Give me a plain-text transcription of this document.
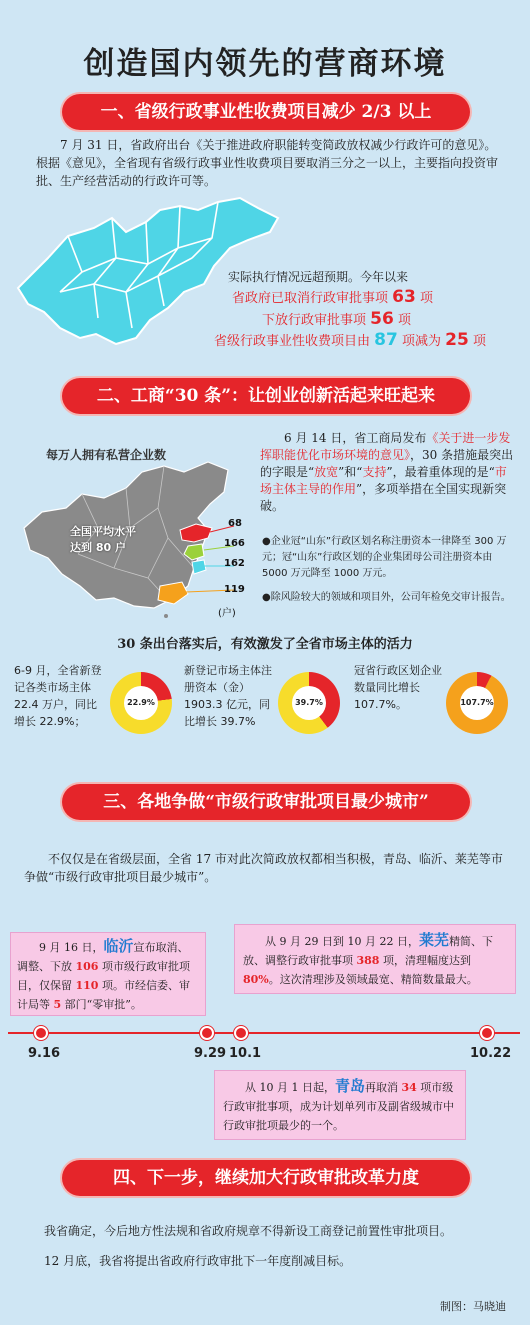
创造国内领先的营商环境
一、省级行政事业性收费项目减少 2/3 以上
7 月 31 日，省政府出台《关于推进政府职能转变简政放权减少行政许可的意见》。根据《意见》，全省现有省级行政事业性收费项目要取消三分之一以上，主要指向投资审批、生产经营活动的行政许可等。
实际执行情况远超预期。今年以来
省政府已取消行政审批事项 63 项
下放行政审批事项 56 项
省级行政事业性收费项目由 87 项减为 25 项
二、工商“30 条”：让创业创新活起来旺起来
每万人拥有私营企业数
全国平均水平达到 80 户
68
166
162
119
(户)
6 月 14 日，省工商局发布《关于进一步发挥职能优化市场环境的意见》，30 条措施最突出的字眼是“放宽”和“支持”，最着重体现的是“市场主体主导的作用”，多项举措在全国实现新突破。
●企业冠“山东”行政区划名称注册资本一律降至 300 万元；冠“山东”行政区划的企业集团母公司注册资本由 5000 万元降至 1000 万元。
●除风险较大的领域和项目外，公司年检免交审计报告。
30 条出台落实后，有效激发了全省市场主体的活力
6-9 月，全省新登记各类市场主体 22.4 万户，同比增长 22.9%；
22.9%
新登记市场主体注册资本（金）1903.3 亿元，同比增长 39.7%
39.7%
冠省行政区划企业数量同比增长 107.7%。	107.7%
三、各地争做“市级行政审批项目最少城市”
不仅仅是在省级层面，全省 17 市对此次简政放权都相当积极，青岛、临沂、莱芜等市争做“市级行政审批项目最少城市”。
9 月 16 日，临沂宣布取消、调整、下放 106 项市级行政审批项目，仅保留 110 项。市经信委、审计局等 5 部门“零审批”。
从 9 月 29 日到 10 月 22 日，莱芜精简、下放、调整行政审批事项 388 项，清理幅度达到 80%。这次清理涉及领域最宽、精简数量最大。
9.16	9.29 10.1	10.22
从 10 月 1 日起，青岛再取消 34 项市级行政审批事项，成为计划单列市及副省级城市中行政审批项最少的一个。
四、下一步，继续加大行政审批改革力度
我省确定，今后地方性法规和省政府规章不得新设工商登记前置性审批项目。
12 月底，我省将提出省政府行政审批下一年度削减目标。
制图：马晓迪
